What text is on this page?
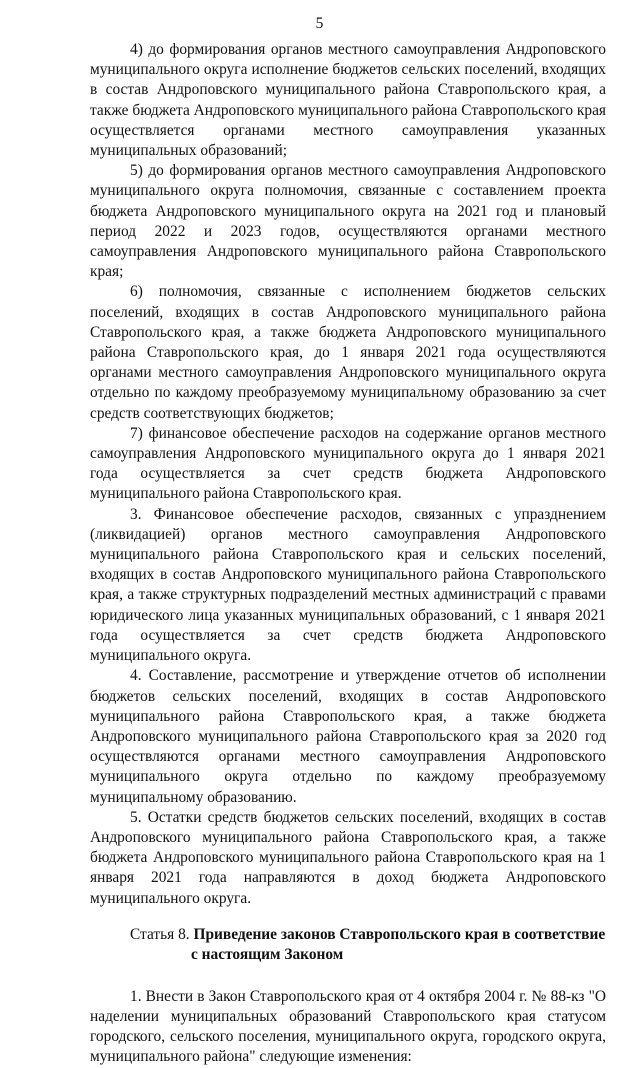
5

4) до формирования органов местного самоуправления Андроповского муниципального округа исполнение бюджетов сельских поселений, входящих в состав Андроповского муниципального района Ставропольского края, а также бюджета Андроповского муниципального района Ставропольского края осуществляется органами местного самоуправления указанных муниципальных образований;

5) до формирования органов местного самоуправления Андроповского муниципального округа полномочия, связанные с составлением проекта бюджета Андроповского муниципального округа на 2021 год и плановый период 2022 и 2023 годов, осуществляются органами местного самоуправления Андроповского муниципального района Ставропольского края;

6) полномочия, связанные с исполнением бюджетов сельских поселений, входящих в состав Андроповского муниципального района Ставропольского края, а также бюджета Андроповского муниципального района Ставропольского края, до 1 января 2021 года осуществляются органами местного самоуправления Андроповского муниципального округа отдельно по каждому преобразуемому муниципальному образованию за счет средств соответствующих бюджетов;

7) финансовое обеспечение расходов на содержание органов местного самоуправления Андроповского муниципального округа до 1 января 2021 года осуществляется за счет средств бюджета Андроповского муниципального района Ставропольского края.

3. Финансовое обеспечение расходов, связанных с упразднением (ликвидацией) органов местного самоуправления Андроповского муниципального района Ставропольского края и сельских поселений, входящих в состав Андроповского муниципального района Ставропольского края, а также структурных подразделений местных администраций с правами юридического лица указанных муниципальных образований, с 1 января 2021 года осуществляется за счет средств бюджета Андроповского муниципального округа.

4. Составление, рассмотрение и утверждение отчетов об исполнении бюджетов сельских поселений, входящих в состав Андроповского муниципального района Ставропольского края, а также бюджета Андроповского муниципального района Ставропольского края за 2020 год осуществляются органами местного самоуправления Андроповского муниципального округа отдельно по каждому преобразуемому муниципальному образованию.

5. Остатки средств бюджетов сельских поселений, входящих в состав Андроповского муниципального района Ставропольского края, а также бюджета Андроповского муниципального района Ставропольского края на 1 января 2021 года направляются в доход бюджета Андроповского муниципального округа.

Статья 8. Приведение законов Ставропольского края в соответствие
с настоящим Законом

1. Внести в Закон Ставропольского края от 4 октября 2004 г. № 88-кз "О наделении муниципальных образований Ставропольского края статусом городского, сельского поселения, муниципального округа, городского округа, муниципального района" следующие изменения:
